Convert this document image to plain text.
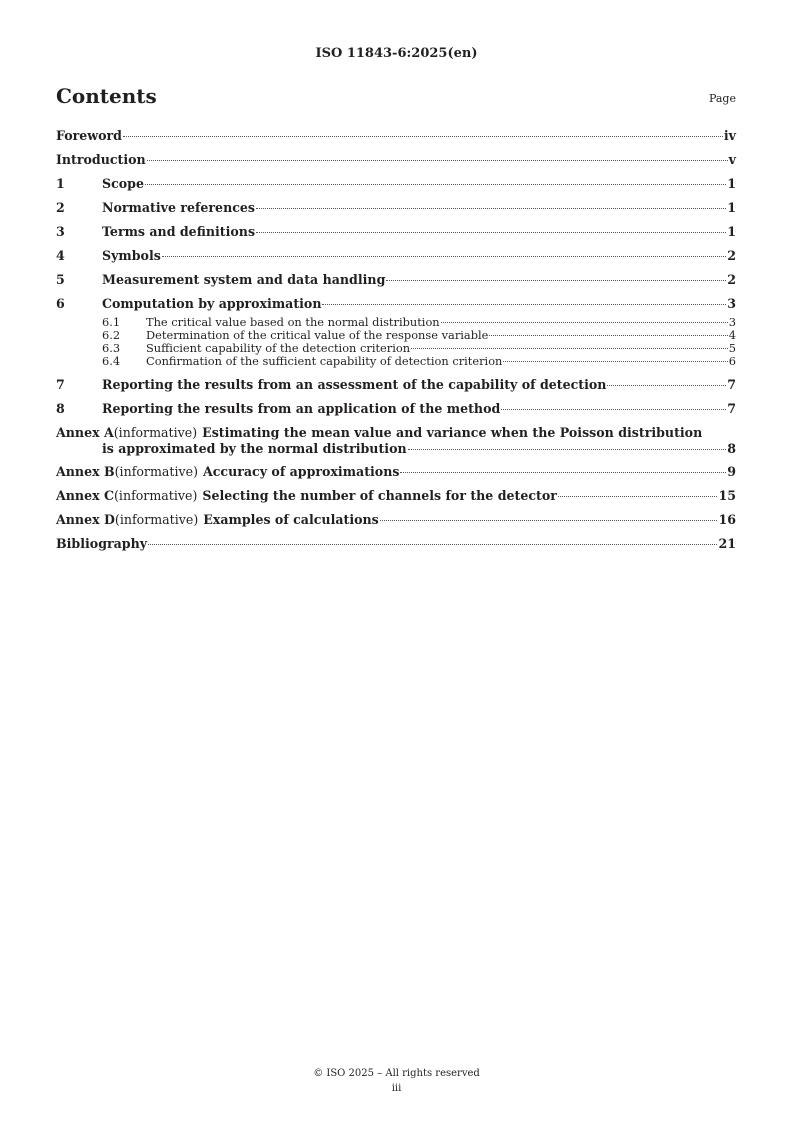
ISO 11843-6:2025(en)
Contents	Page
Foreword	iv
Introduction	v
1	Scope	1
2	Normative references	1
3	Terms and definitions	1
4	Symbols	2
5	Measurement system and data handling	2
6	Computation by approximation	3
6.1	The critical value based on the normal distribution	3
6.2	Determination of the critical value of the response variable	4
6.3	Sufficient capability of the detection criterion	5
6.4	Confirmation of the sufficient capability of detection criterion	6
7	Reporting the results from an assessment of the capability of detection	7
8	Reporting the results from an application of the method	7
Annex A (informative) Estimating the mean value and variance when the Poisson distribution
is approximated by the normal distribution	8
Annex B (informative) Accuracy of approximations	9
Annex C (informative) Selecting the number of channels for the detector	15
Annex D (informative) Examples of calculations	16
Bibliography	21
© ISO 2025 – All rights reserved
iii
